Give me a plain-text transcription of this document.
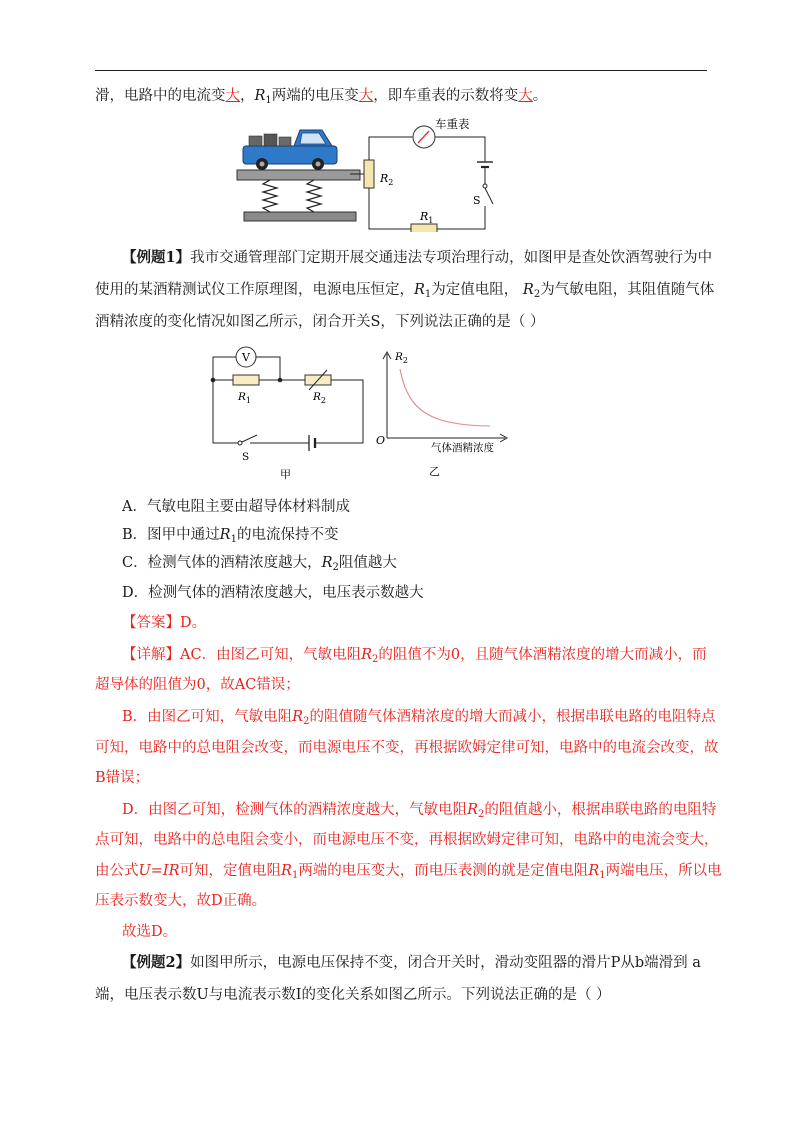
滑，电路中的电流变大，$R_1$两端的电压变大，即车重表的示数将变大。
$R_2$
车重表
S
$R_1$
【例题1】我市交通管理部门定期开展交通违法专项治理行动，如图甲是查处饮酒驾驶行为中
使用的某酒精测试仪工作原理图，电源电压恒定，$R_1$为定值电阻， $R_2$为气敏电阻，其阻值随气体
酒精浓度的变化情况如图乙所示，闭合开关S，下列说法正确的是（ ）
V
$R_1$	$R_2$
S
甲
$R_2$
O
气体酒精浓度
乙
A．气敏电阻主要由超导体材料制成
B．图甲中通过$R_1$的电流保持不变
C．检测气体的酒精浓度越大，$R_2$阻值越大
D．检测气体的酒精浓度越大，电压表示数越大
【答案】D。
【详解】AC．由图乙可知，气敏电阻$R_2$的阻值不为0，且随气体酒精浓度的增大而减小，而
超导体的阻值为0，故AC错误；
B．由图乙可知，气敏电阻$R_2$的阻值随气体酒精浓度的增大而减小，根据串联电路的电阻特点
可知，电路中的总电阻会改变，而电源电压不变，再根据欧姆定律可知，电路中的电流会改变，故
B错误；
D．由图乙可知，检测气体的酒精浓度越大，气敏电阻$R_2$的阻值越小，根据串联电路的电阻特
点可知，电路中的总电阻会变小，而电源电压不变，再根据欧姆定律可知，电路中的电流会变大，
由公式U=IR可知，定值电阻$R_1$两端的电压变大，而电压表测的就是定值电阻$R_1$两端电压，所以电
压表示数变大，故D正确。
故选D。
【例题2】如图甲所示，电源电压保持不变，闭合开关时，滑动变阻器的滑片P从b端滑到 a
端，电压表示数U与电流表示数I的变化关系如图乙所示。下列说法正确的是（ ）
